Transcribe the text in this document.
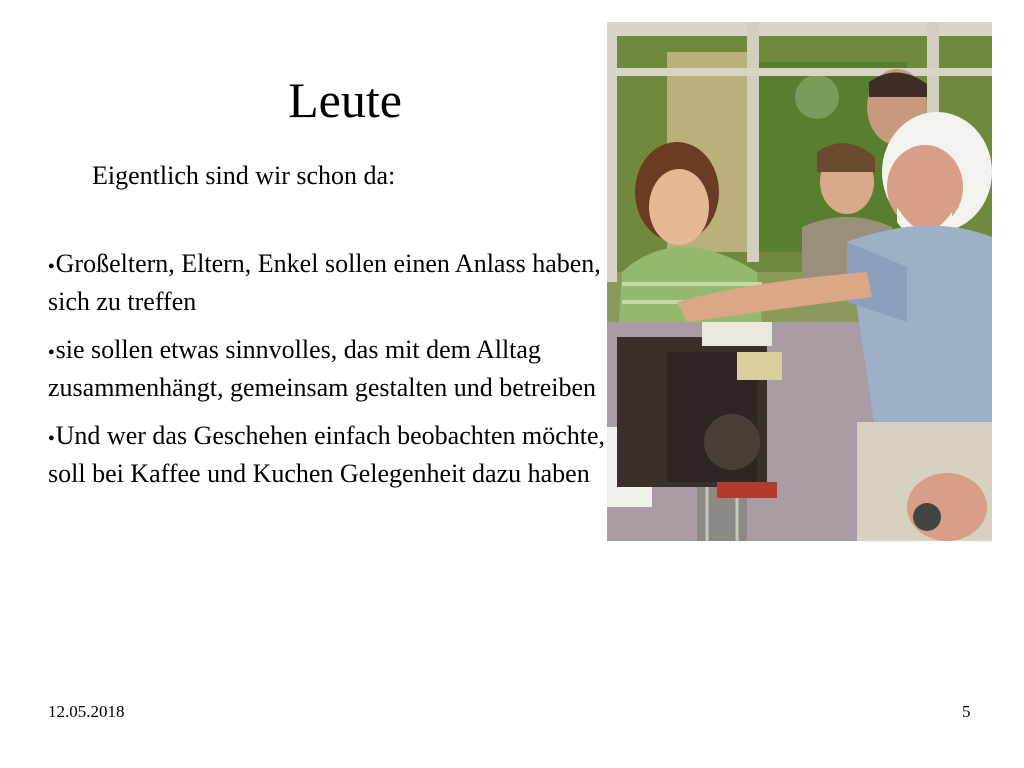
Leute
Eigentlich sind wir schon da:
● Großeltern, Eltern, Enkel sollen einen Anlass haben, sich zu treffen
● sie sollen etwas sinnvolles, das mit dem Alltag zusammenhängt, gemeinsam gestalten und betreiben
● Und wer das Geschehen einfach beobachten möchte, soll bei Kaffee und Kuchen Gelegenheit dazu haben
12.05.2018	5
